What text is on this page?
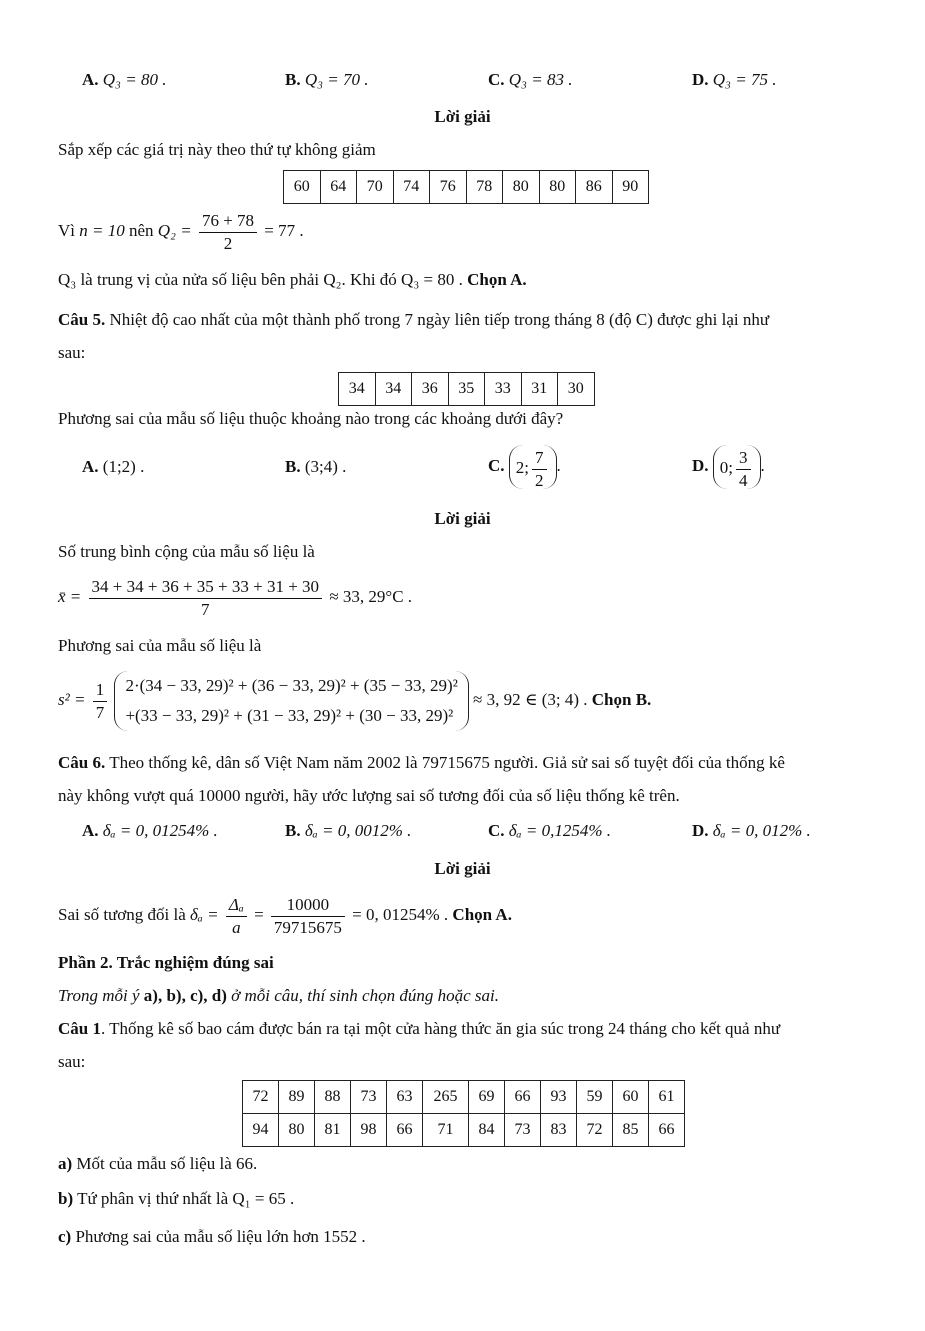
A. Q₃ = 80 .	B. Q₃ = 70 .	C. Q₃ = 83 .	D. Q₃ = 75 .
Lời giải
Sắp xếp các giá trị này theo thứ tự không giảm
60	64	70	74	76	78	80	80	86	90
Vì n = 10 nên $Q_2 = \frac{76 + 78}{2} = 77$ .
Q₃ là trung vị của nửa số liệu bên phải Q₂. Khi đó Q₃ = 80 . Chọn A.
Câu 5. Nhiệt độ cao nhất của một thành phố trong 7 ngày liên tiếp trong tháng 8 (độ C) được ghi lại như
sau:
34	34	36	35	33	31	30
Phương sai của mẫu số liệu thuộc khoảng nào trong các khoảng dưới đây?
A. (1;2) .	B. (3;4) .	C. 2; $\frac{7}{2}$ .	D. 0; $\frac{3}{4}$ .
Lời giải
Số trung bình cộng của mẫu số liệu là
x̄ = $\frac{34 + 34 + 36 + 35 + 33 + 31 + 30}{7} \approx 33$, 29°C .
Phương sai của mẫu số liệu là
$s^2 = \frac{1}{7}$
2·(34 − 33, 29)² + (36 − 33, 29)² + (35 − 33, 29)²
+(33 − 33, 29)² + (31 − 33, 29)² + (30 − 33, 29)²
≈ 3, 92 ∈ (3; 4) . Chọn B.
Câu 6. Theo thống kê, dân số Việt Nam năm 2002 là 79715675 người. Giả sử sai số tuyệt đối của thống kê
này không vượt quá 10000 người, hãy ước lượng sai số tương đối của số liệu thống kê trên.
A. δₐ = 0, 01254% .	B. δₐ = 0, 0012% .	C. δₐ = 0,1254% .	D. δₐ = 0, 012% .
Lời giải
Sai số tương đối là $\delta_a = \frac{\text{Δₐ}}{a} = \frac{10000}{79715675} = 0$, 01254% . Chọn A.
Phần 2. Trắc nghiệm đúng sai
Trong mỗi ý a), b), c), d) ở mỗi câu, thí sinh chọn đúng hoặc sai.
Câu 1. Thống kê số bao cám được bán ra tại một cửa hàng thức ăn gia súc trong 24 tháng cho kết quả như
sau:
72	89	88	73	63	265	69	66	93	59	60	61
94	80	81	98	66	71	84	73	83	72	85	66
a) Mốt của mẫu số liệu là 66.
b) Tứ phân vị thứ nhất là Q₁ = 65 .
c) Phương sai của mẫu số liệu lớn hơn 1552 .
